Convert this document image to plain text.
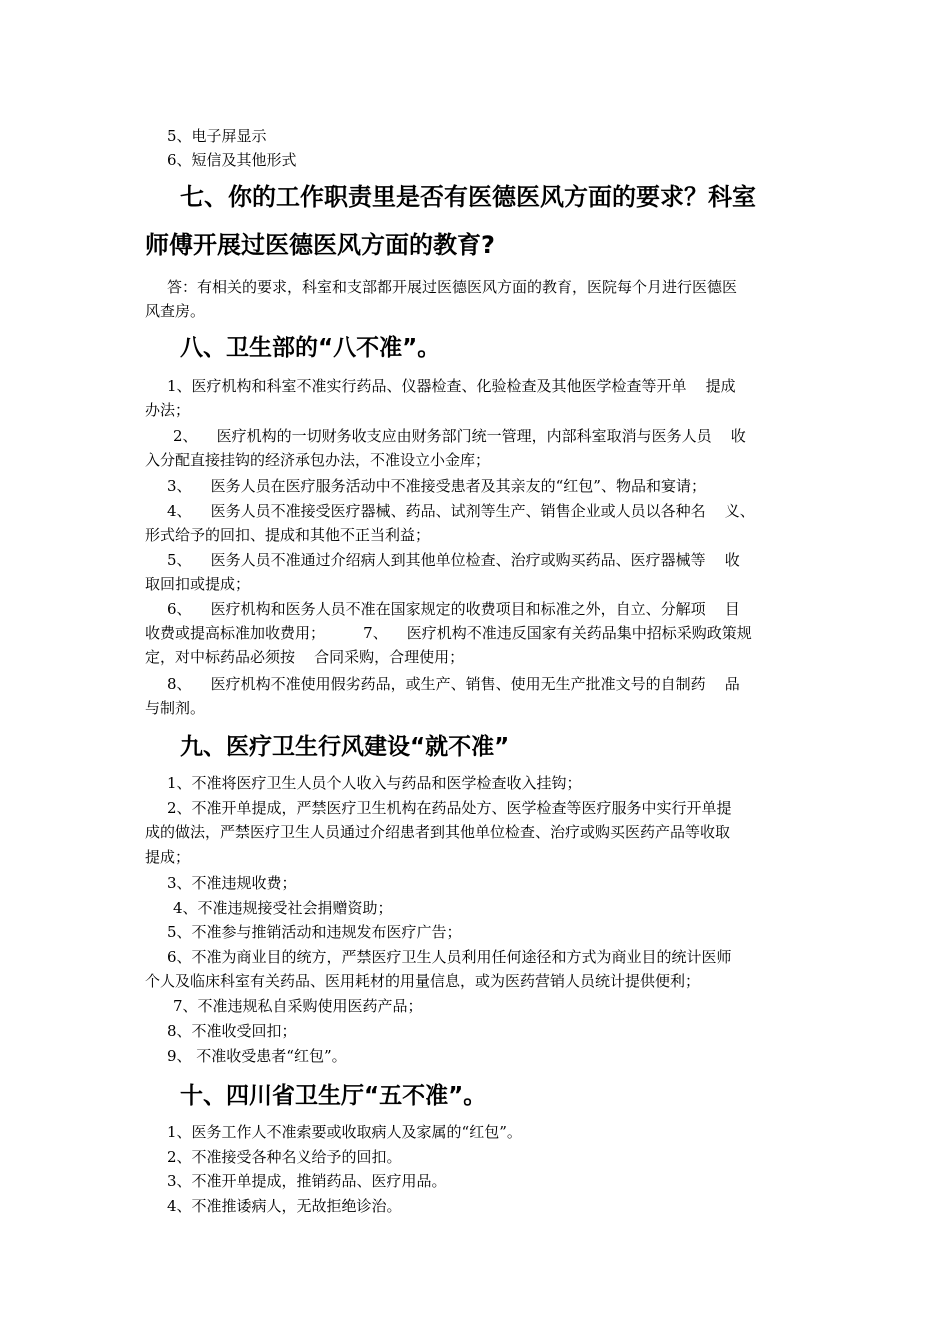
5、电子屏显示
6、短信及其他形式
七、你的工作职责里是否有医德医风方面的要求？科室
师傅开展过医德医风方面的教育?
答：有相关的要求，科室和支部都开展过医德医风方面的教育，医院每个月进行医德医
风查房。
八、卫生部的“八不准”。
1、医疗机构和科室不准实行药品、仪器检查、化验检查及其他医学检查等开单    提成
办法；
2、    医疗机构的一切财务收支应由财务部门统一管理，内部科室取消与医务人员    收
入分配直接挂钩的经济承包办法，不准设立小金库；
3、    医务人员在医疗服务活动中不准接受患者及其亲友的“红包”、物品和宴请；
4、    医务人员不准接受医疗器械、药品、试剂等生产、销售企业或人员以各种名    义、
形式给予的回扣、提成和其他不正当利益；
5、    医务人员不准通过介绍病人到其他单位检查、治疗或购买药品、医疗器械等    收
取回扣或提成；
6、    医疗机构和医务人员不准在国家规定的收费项目和标准之外，自立、分解项    目
收费或提高标准加收费用；        7、    医疗机构不准违反国家有关药品集中招标采购政策规
定，对中标药品必须按    合同采购，合理使用；
8、    医疗机构不准使用假劣药品，或生产、销售、使用无生产批准文号的自制药    品
与制剂。
九、医疗卫生行风建设“就不准”
1、不准将医疗卫生人员个人收入与药品和医学检查收入挂钩；
2、不准开单提成，严禁医疗卫生机构在药品处方、医学检查等医疗服务中实行开单提
成的做法，严禁医疗卫生人员通过介绍患者到其他单位检查、治疗或购买医药产品等收取
提成；
3、不准违规收费；
4、不准违规接受社会捐赠资助；
5、不准参与推销活动和违规发布医疗广告；
6、不准为商业目的统方，严禁医疗卫生人员利用任何途径和方式为商业目的统计医师
个人及临床科室有关药品、医用耗材的用量信息，或为医药营销人员统计提供便利；
7、不准违规私自采购使用医药产品；
8、不准收受回扣；
9、 不准收受患者“红包”。
十、四川省卫生厅“五不准”。
1、医务工作人不准索要或收取病人及家属的“红包”。
2、不准接受各种名义给予的回扣。
3、不准开单提成，推销药品、医疗用品。
4、不准推诿病人，无故拒绝诊治。
